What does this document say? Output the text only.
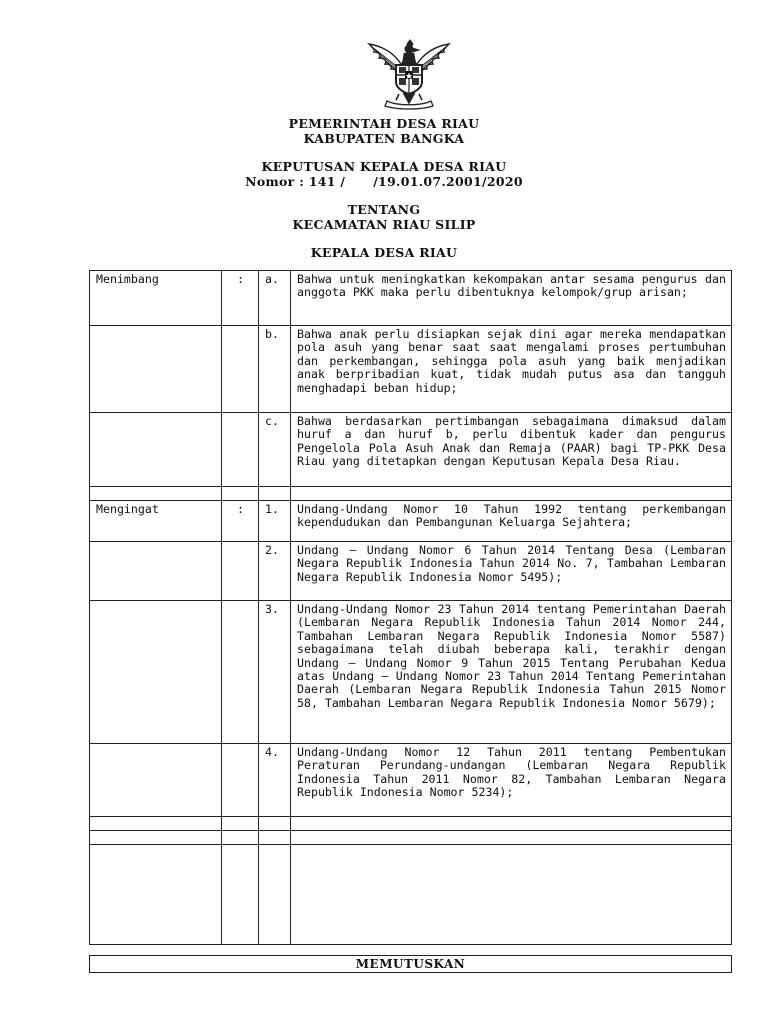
PEMERINTAH DESA RIAU
KABUPATEN BANGKA
KEPUTUSAN KEPALA DESA RIAU
Nomor : 141 /      /19.01.07.2001/2020
TENTANG
KECAMATAN RIAU SILIP
KEPALA DESA RIAU
Menimbang	:	a.	Bahwa untuk meningkatkan kekompakan antar sesama pengurus dan anggota PKK maka perlu dibentuknya kelompok/grup arisan;
		b.	Bahwa anak perlu disiapkan sejak dini agar mereka mendapatkan pola asuh yang benar saat saat mengalami proses pertumbuhan dan perkembangan, sehingga pola asuh yang baik menjadikan anak berpribadian kuat, tidak mudah putus asa dan tangguh menghadapi beban hidup;
		c.	Bahwa berdasarkan pertimbangan sebagaimana dimaksud dalam huruf a dan huruf b, perlu dibentuk kader dan pengurus Pengelola Pola Asuh Anak dan Remaja (PAAR) bagi TP-PKK Desa Riau yang ditetapkan dengan Keputusan Kepala Desa Riau.

Mengingat	:	1.	Undang-Undang Nomor 10 Tahun 1992 tentang perkembangan kependudukan dan Pembangunan Keluarga Sejahtera;
		2.	Undang – Undang Nomor 6 Tahun 2014 Tentang Desa (Lembaran Negara Republik Indonesia Tahun 2014 No. 7, Tambahan Lembaran Negara Republik Indonesia Nomor 5495);
		3.	Undang-Undang Nomor 23 Tahun 2014 tentang Pemerintahan Daerah (Lembaran Negara Republik Indonesia Tahun 2014 Nomor 244, Tambahan Lembaran Negara Republik Indonesia Nomor 5587) sebagaimana telah diubah beberapa kali, terakhir dengan Undang – Undang Nomor 9 Tahun 2015 Tentang Perubahan Kedua atas Undang – Undang Nomor 23 Tahun 2014 Tentang Pemerintahan Daerah (Lembaran Negara Republik Indonesia Tahun 2015 Nomor 58, Tambahan Lembaran Negara Republik Indonesia Nomor 5679);
		4.	Undang-Undang Nomor 12 Tahun 2011 tentang Pembentukan Peraturan Perundang-undangan (Lembaran Negara Republik Indonesia Tahun 2011 Nomor 82, Tambahan Lembaran Negara Republik Indonesia Nomor 5234);

MEMUTUSKAN
